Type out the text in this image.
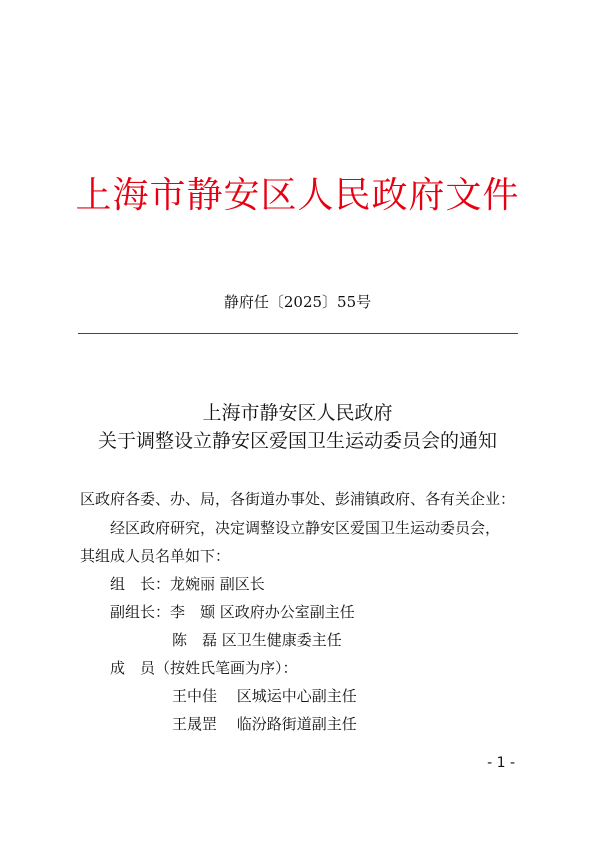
上海市静安区人民政府文件
静府任〔2025〕55号
上海市静安区人民政府
关于调整设立静安区爱国卫生运动委员会的通知
区政府各委、办、局，各街道办事处、彭浦镇政府、各有关企业：
经区政府研究，决定调整设立静安区爱国卫生运动委员会，
其组成人员名单如下：
组　长：龙婉丽 副区长
副组长：李　颋 区政府办公室副主任
陈　磊 区卫生健康委主任
成　员（按姓氏笔画为序）：
王中佳　 区城运中心副主任
王晟罡　 临汾路街道副主任
- 1 -
